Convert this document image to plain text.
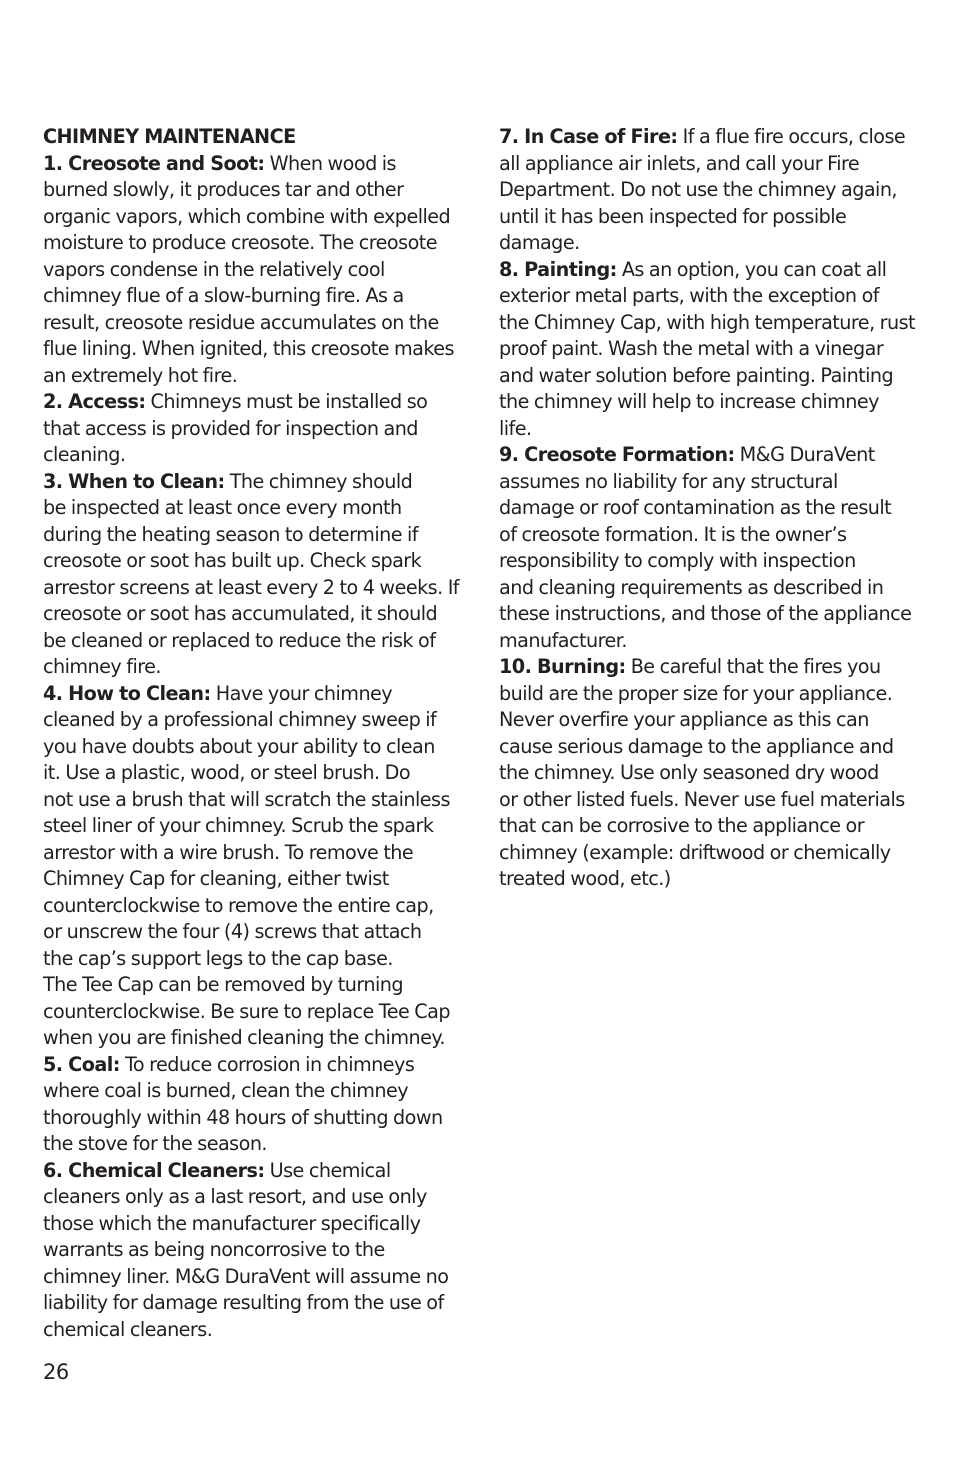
CHIMNEY MAINTENANCE

1. Creosote and Soot: When wood is
burned slowly, it produces tar and other
organic vapors, which combine with expelled
moisture to produce creosote. The creosote
vapors condense in the relatively cool
chimney flue of a slow-burning fire. As a
result, creosote residue accumulates on the
flue lining. When ignited, this creosote makes
an extremely hot fire.

2. Access: Chimneys must be installed so
that access is provided for inspection and
cleaning.

3. When to Clean: The chimney should
be inspected at least once every month
during the heating season to determine if
creosote or soot has built up. Check spark
arrestor screens at least every 2 to 4 weeks. If
creosote or soot has accumulated, it should
be cleaned or replaced to reduce the risk of
chimney fire.

4. How to Clean: Have your chimney
cleaned by a professional chimney sweep if
you have doubts about your ability to clean
it. Use a plastic, wood, or steel brush. Do
not use a brush that will scratch the stainless
steel liner of your chimney. Scrub the spark
arrestor with a wire brush. To remove the
Chimney Cap for cleaning, either twist
counterclockwise to remove the entire cap,
or unscrew the four (4) screws that attach
the cap’s support legs to the cap base.
The Tee Cap can be removed by turning
counterclockwise. Be sure to replace Tee Cap
when you are finished cleaning the chimney.

5. Coal: To reduce corrosion in chimneys
where coal is burned, clean the chimney
thoroughly within 48 hours of shutting down
the stove for the season.

6. Chemical Cleaners: Use chemical
cleaners only as a last resort, and use only
those which the manufacturer specifically
warrants as being noncorrosive to the
chimney liner. M&G DuraVent will assume no
liability for damage resulting from the use of
chemical cleaners.

7. In Case of Fire: If a flue fire occurs, close
all appliance air inlets, and call your Fire
Department. Do not use the chimney again,
until it has been inspected for possible
damage.

8. Painting: As an option, you can coat all
exterior metal parts, with the exception of
the Chimney Cap, with high temperature, rust
proof paint. Wash the metal with a vinegar
and water solution before painting. Painting
the chimney will help to increase chimney
life.

9. Creosote Formation: M&G DuraVent
assumes no liability for any structural
damage or roof contamination as the result
of creosote formation. It is the owner’s
responsibility to comply with inspection
and cleaning requirements as described in
these instructions, and those of the appliance
manufacturer.

10. Burning: Be careful that the fires you
build are the proper size for your appliance.
Never overfire your appliance as this can
cause serious damage to the appliance and
the chimney. Use only seasoned dry wood
or other listed fuels. Never use fuel materials
that can be corrosive to the appliance or
chimney (example: driftwood or chemically
treated wood, etc.)

26
